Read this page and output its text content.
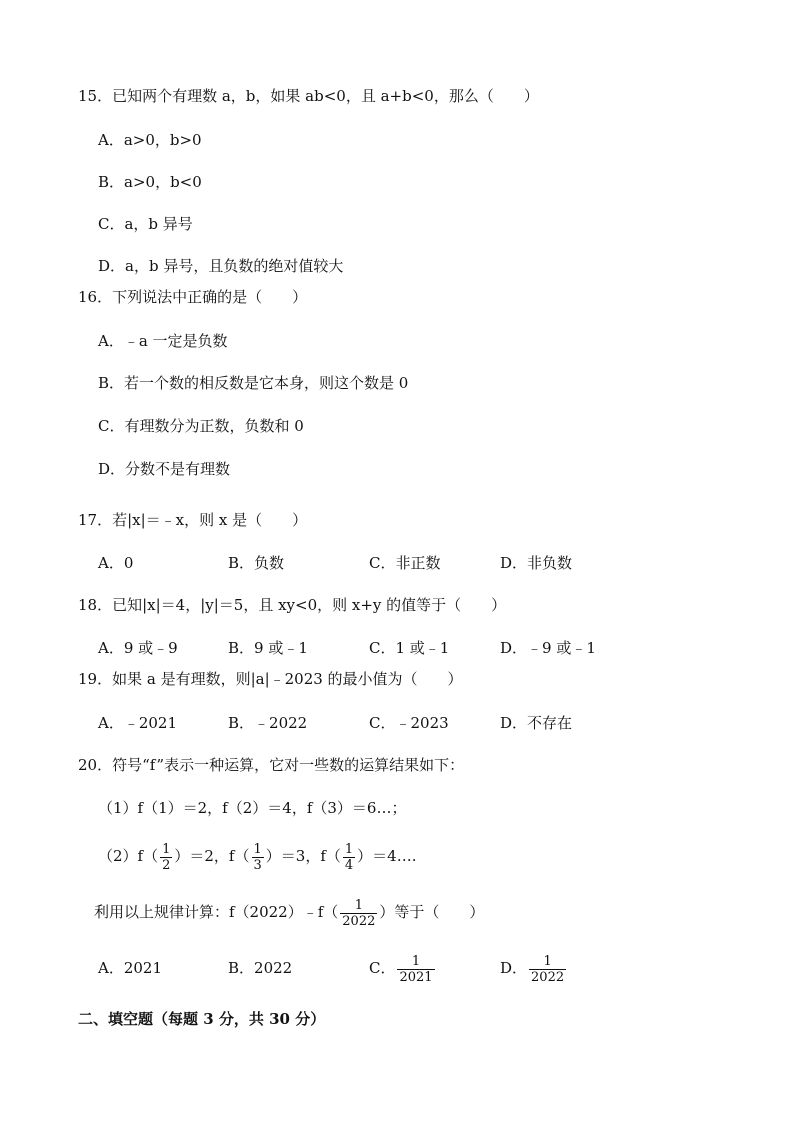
15．已知两个有理数 a，b，如果 ab<0，且 a+b<0，那么（　　）
A．a>0，b>0
B．a>0，b<0
C．a，b 异号
D．a，b 异号，且负数的绝对值较大
16．下列说法中正确的是（　　）
A．﹣a 一定是负数
B．若一个数的相反数是它本身，则这个数是 0
C．有理数分为正数，负数和 0
D．分数不是有理数
17．若|x|＝﹣x，则 x 是（　　）
A．0	B．负数	C．非正数	D．非负数
18．已知|x|＝4，|y|＝5，且 xy<0，则 x+y 的值等于（　　）
A．9 或﹣9	B．9 或﹣1	C．1 或﹣1	D．﹣9 或﹣1
19．如果 a 是有理数，则|a|﹣2023 的最小值为（　　）
A．﹣2021	B．﹣2022	C．﹣2023	D．不存在
20．符号“f”表示一种运算，它对一些数的运算结果如下：
（1）f（1）＝2，f（2）＝4，f（3）＝6…；
$(2)f( \frac{1}{2} )=2$，$f( \frac{1}{3} )=3$，$f( \frac{1}{4}$ ）＝4….
利用以上规律计算：f（2022）﹣f（ $\frac{1}{2022}$ ）等于（　　）
A．2021	B．2022	C． $\frac{1}{2021}$	D． $\frac{1}{2022}$
二、填空题（每题 3 分，共 30 分）
